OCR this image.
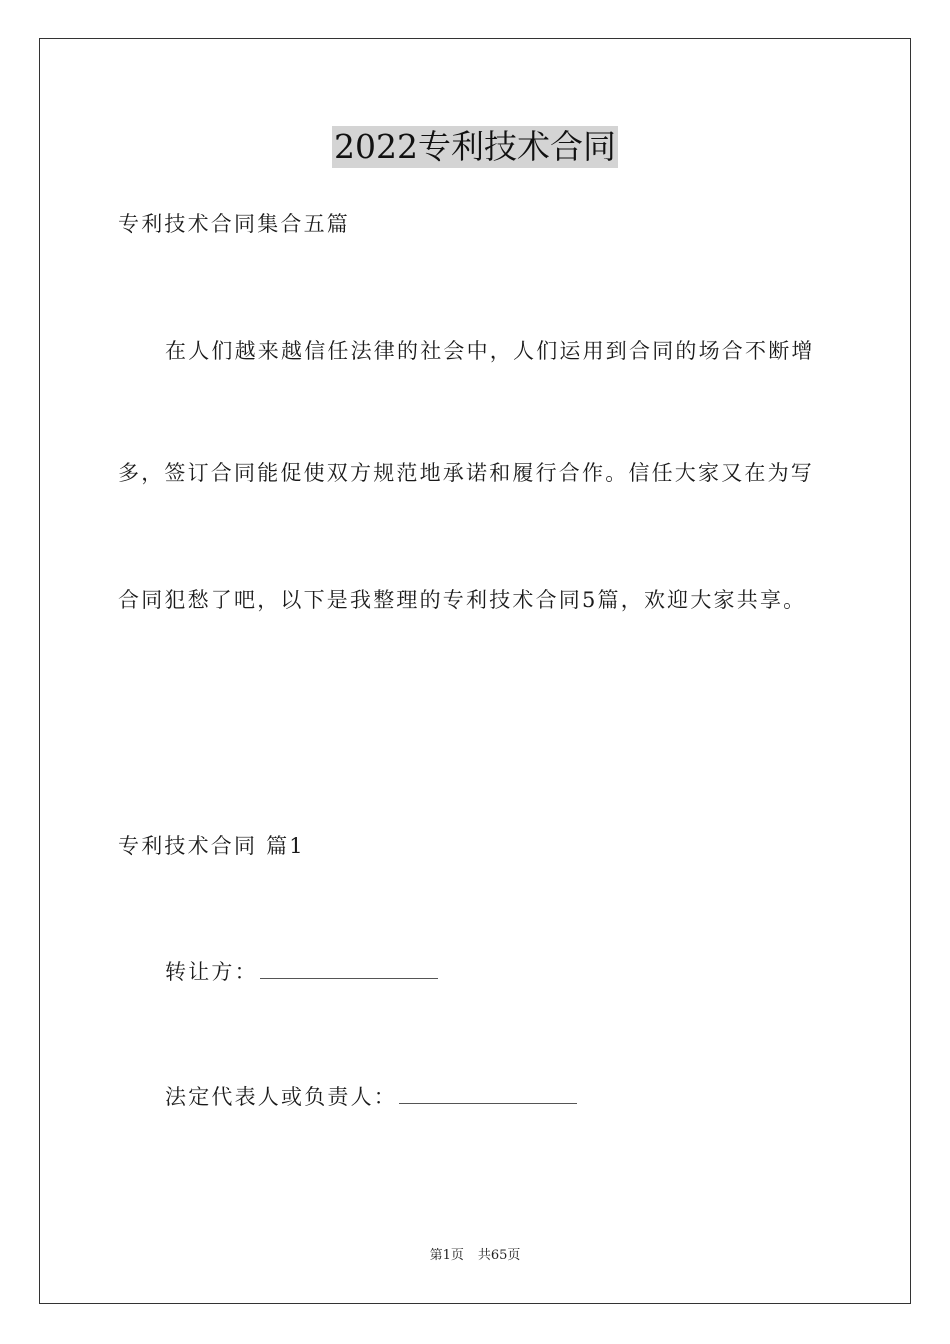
2022专利技术合同
专利技术合同集合五篇
在人们越来越信任法律的社会中，人们运用到合同的场合不断增
多，签订合同能促使双方规范地承诺和履行合作。信任大家又在为写
合同犯愁了吧，以下是我整理的专利技术合同5篇，欢迎大家共享。
专利技术合同 篇1
转让方：
法定代表人或负责人：
第1页 共65页
